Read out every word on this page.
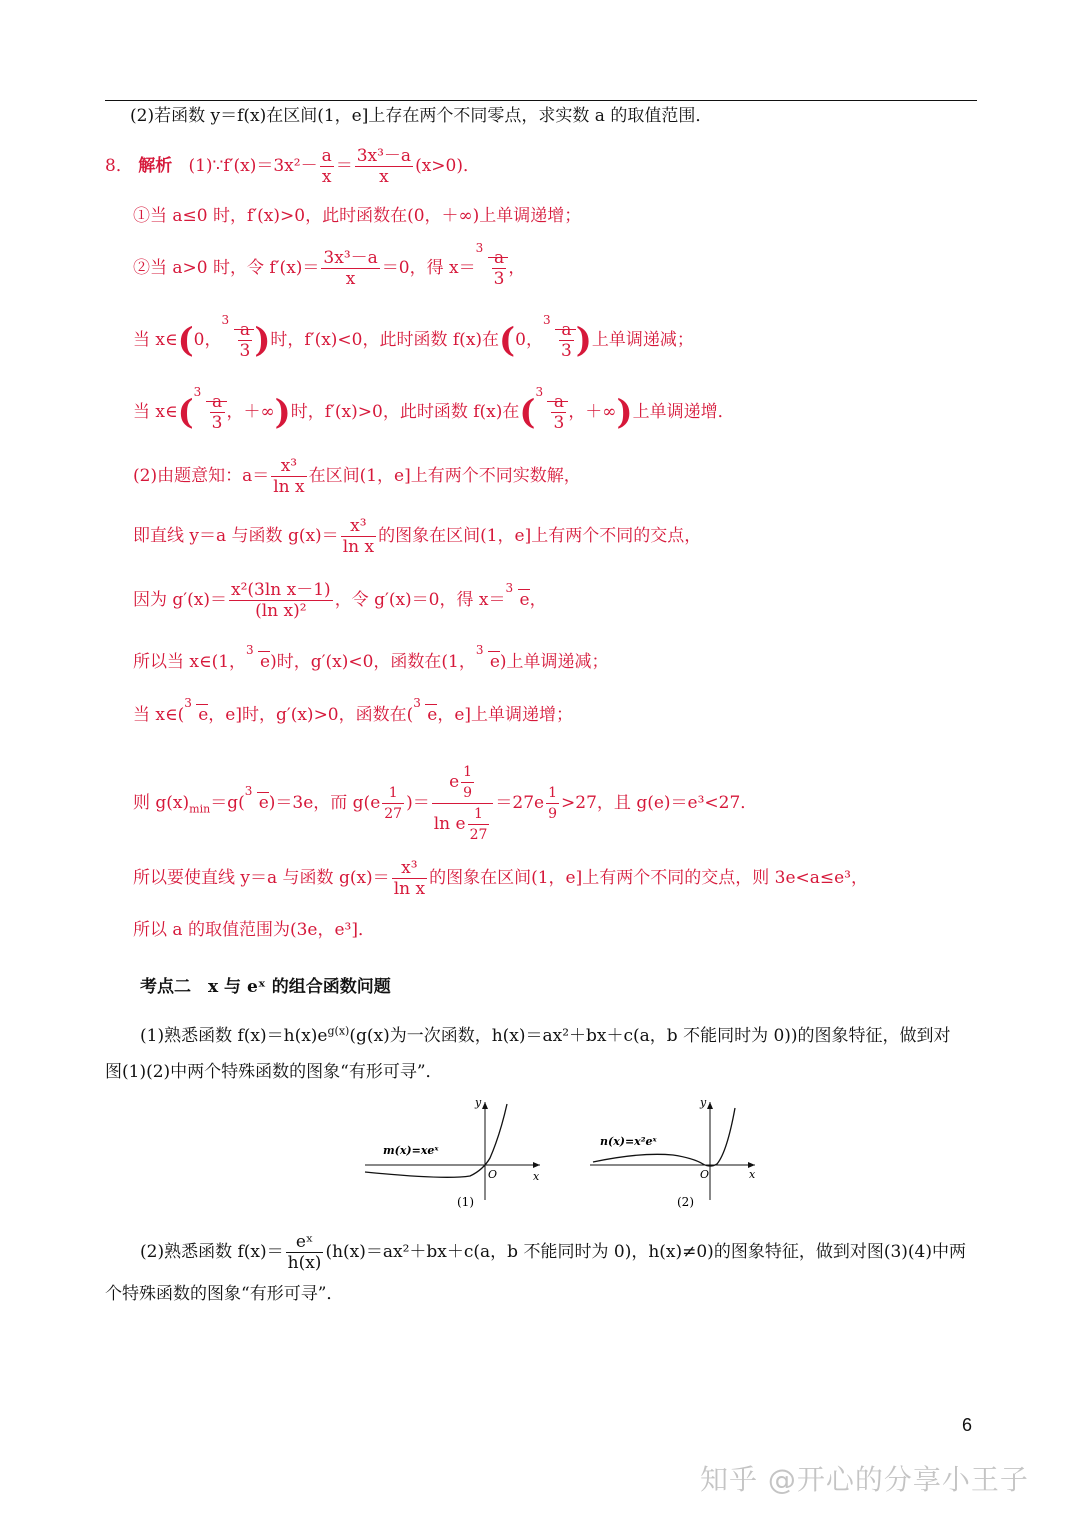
(2)若函数 y＝f(x)在区间(1，e]上存在两个不同零点，求实数 a 的取值范围．
8． 解析 (1)∵f′(x)＝3x²－ $\frac{a}{x} = \frac{\text{3x³－a}}{x} (x>0)$．
①当 a≤0 时，f′(x)>0，此时函数在(0，＋∞)上单调递增；
②当 a>0 时，令 $f'(x)= \frac{\text{3x³－a}}{x} =0$，得 x＝
$3 \frac{a}{3}$ ，
当 x∈(0，
$3 \frac{a}{3}$ )时，f′(x)<0，此时函数 f(x)在(0，
$3 \frac{a}{3}$ )上单调递减；
当 x∈(
$3 \frac{a}{3}$ ，＋∞)时，f′(x)>0，此时函数 f(x)在(
$3 \frac{a}{3}$ ，＋∞)上单调递增．
(2)由题意知：$a= \frac{\text{x³}}{\text{ln x}}$ 在区间(1，e]上有两个不同实数解，
即直线 y＝a 与函数 $g(x)= \frac{\text{x³}}{\text{ln x}}$ 的图象在区间(1，e]上有两个不同的交点，
因为 $g'(x)= \frac{\text{x²(3ln x－1)}}{\text{(ln x)²}}$ ，令 g′(x)＝0，得 x＝
3
e，
所以当 x∈(1，
3
e)时，g′(x)<0，函数在(1，
3
e)上单调递减；
当 x∈(
3
e，e]时，g′(x)>0，函数在(
3
e，e]上单调递增；
则 $g(x)_{min}=g$(
3
e)＝3e，而 $g(e \frac{1}{27}$ )＝ $\frac{e \frac{1}{9}}{\ln e \frac{1}{27}} =27e \frac{1}{9} >27$，且 g(e)＝e³<27．
所以要使直线 y＝a 与函数 $g(x)= \frac{\text{x³}}{\text{ln x}}$ 的图象在区间(1，e]上有两个不同的交点，则 3e<a≤e³，
所以 a 的取值范围为(3e，e³]．
考点二　x 与 eˣ 的组合函数问题
(1)熟悉函数 $f(x)=h(x)e^{g(x)}(g(x)$为一次函数，h(x)＝ax²＋bx＋c(a，b 不能同时为 0))的图象特征，做到对
图(1)(2)中两个特殊函数的图象“有形可寻”．
m(x)=xeˣ
y
x
O
(1)
n(x)=x²eˣ
y
x
O
(2)
(2)熟悉函数 $f(x)= \frac{\text{eˣ}}{h(x)} (h(x)=ax^2+bx+c(a$，b 不能同时为 0)，h(x)≠0)的图象特征，做到对图(3)(4)中两
个特殊函数的图象“有形可寻”．
6
知乎 @开心的分享小王子
